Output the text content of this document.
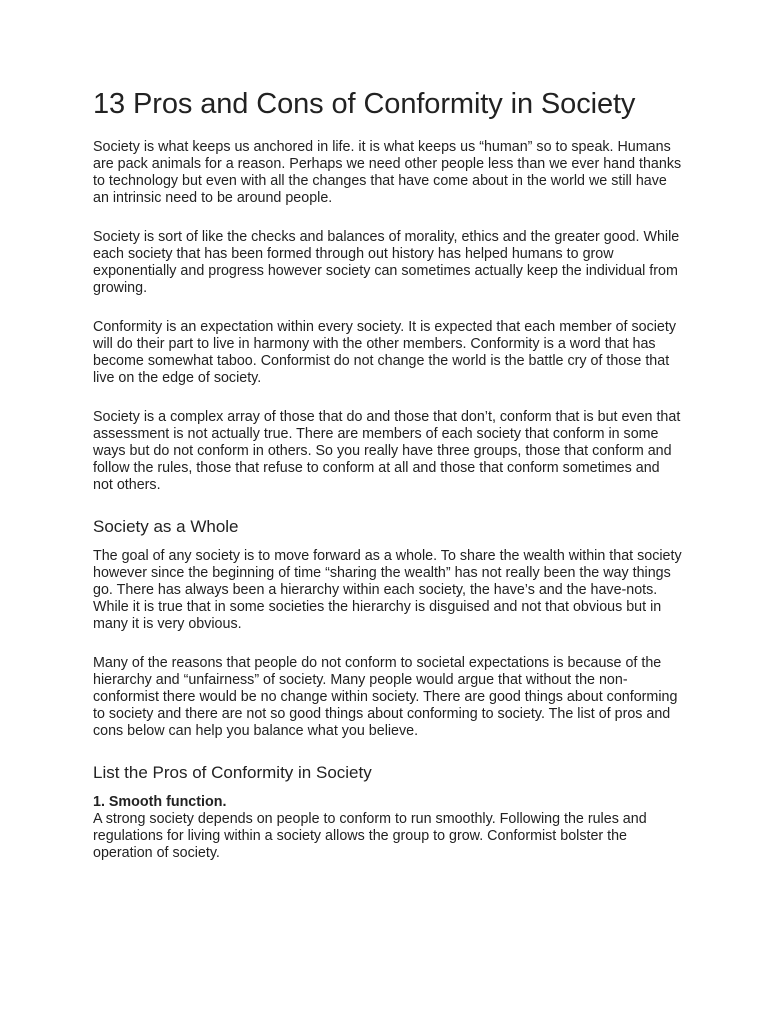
13 Pros and Cons of Conformity in Society

Society is what keeps us anchored in life. it is what keeps us “human” so to speak. Humans are pack animals for a reason. Perhaps we need other people less than we ever hand thanks to technology but even with all the changes that have come about in the world we still have an intrinsic need to be around people.

Society is sort of like the checks and balances of morality, ethics and the greater good. While each society that has been formed through out history has helped humans to grow exponentially and progress however society can sometimes actually keep the individual from growing.

Conformity is an expectation within every society. It is expected that each member of society will do their part to live in harmony with the other members. Conformity is a word that has become somewhat taboo. Conformist do not change the world is the battle cry of those that live on the edge of society.

Society is a complex array of those that do and those that don’t, conform that is but even that assessment is not actually true. There are members of each society that conform in some ways but do not conform in others. So you really have three groups, those that conform and follow the rules, those that refuse to conform at all and those that conform sometimes and not others.

Society as a Whole

The goal of any society is to move forward as a whole. To share the wealth within that society however since the beginning of time “sharing the wealth” has not really been the way things go. There has always been a hierarchy within each society, the have’s and the have-nots. While it is true that in some societies the hierarchy is disguised and not that obvious but in many it is very obvious.

Many of the reasons that people do not conform to societal expectations is because of the hierarchy and “unfairness” of society. Many people would argue that without the non-conformist there would be no change within society. There are good things about conforming to society and there are not so good things about conforming to society. The list of pros and cons below can help you balance what you believe.

List the Pros of Conformity in Society

1. Smooth function.

A strong society depends on people to conform to run smoothly. Following the rules and regulations for living within a society allows the group to grow. Conformist bolster the operation of society.
